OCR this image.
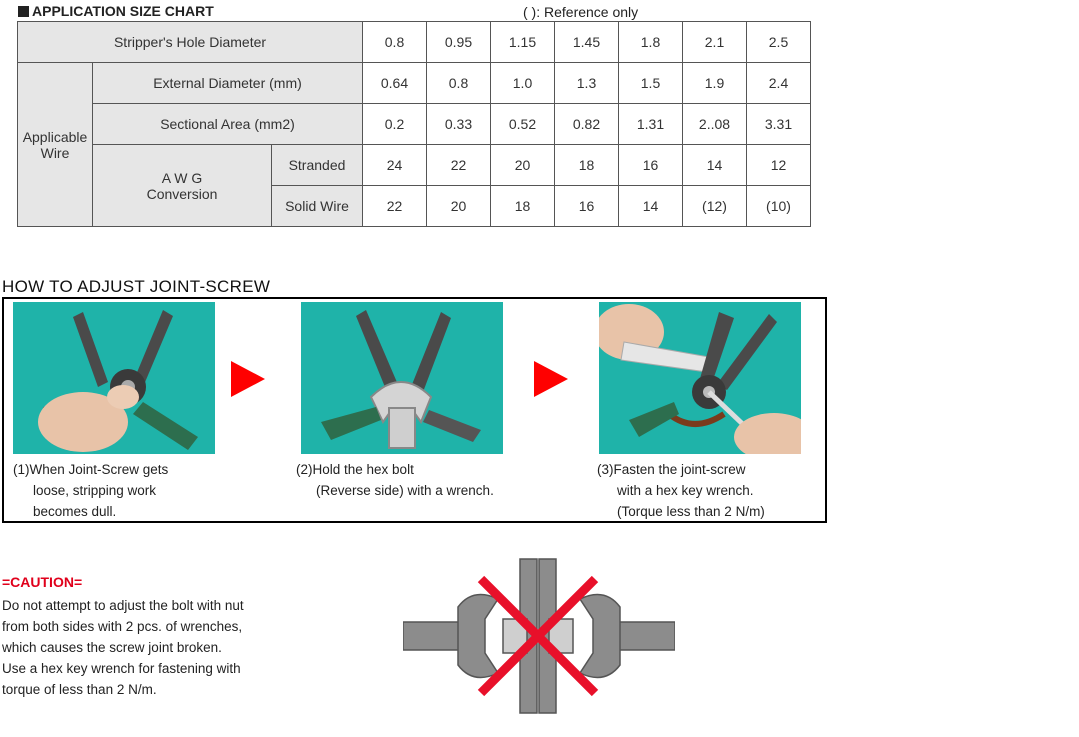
APPLICATION SIZE CHART	( ): Reference only
Stripper's Hole Diameter			0.8	0.95	1.15	1.45	1.8	2.1	2.5

Applicable
Wire	External Diameter (mm)		0.64	0.8	1.0	1.3	1.5	1.9	2.4
	Sectional Area (mm2)		0.2	0.33	0.52	0.82	1.31	2..08	3.31

	A W G
Conversion	Stranded	24	22	20	18	16	14	12
		Solid Wire	22	20	18	16	14	(12)	(10)
HOW TO ADJUST JOINT-SCREW
(1)When Joint-Screw gets
loose, stripping work
becomes dull.
(2)Hold the hex bolt
(Reverse side) with a wrench.
(3)Fasten the joint-screw
with a hex key wrench.
(Torque less than 2 N/m)
=CAUTION=
Do not attempt to adjust the bolt with nut
from both sides with 2 pcs. of wrenches,
which causes the screw joint broken.
Use a hex key wrench for fastening with
torque of less than 2 N/m.
